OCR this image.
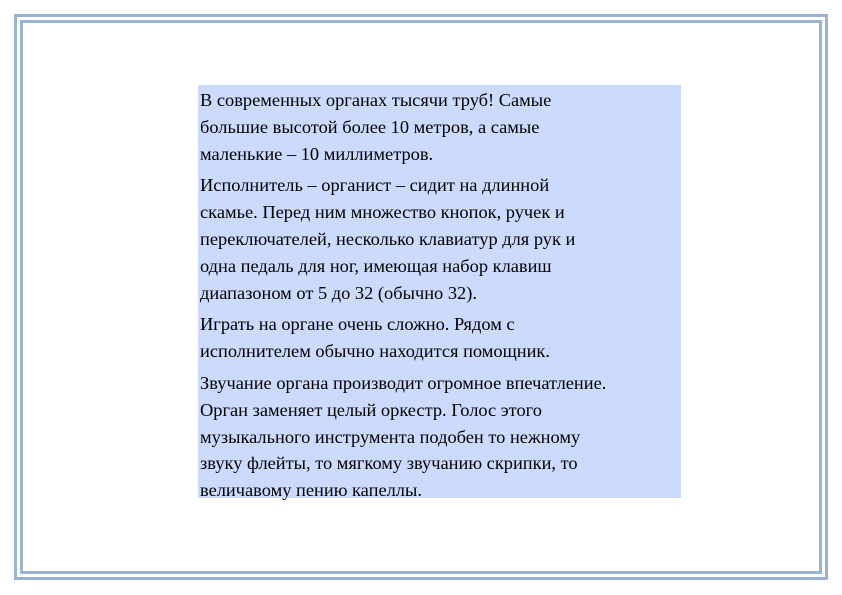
В современных органах тысячи труб! Самые
большие высотой более 10 метров, а самые
маленькие – 10 миллиметров.

Исполнитель – органист – сидит на длинной
скамье. Перед ним множество кнопок, ручек и
переключателей, несколько клавиатур для рук и
одна педаль для ног, имеющая набор клавиш
диапазоном от 5 до 32 (обычно 32).

Играть на органе очень сложно. Рядом с
исполнителем обычно находится помощник.

Звучание органа производит огромное впечатление.
Орган заменяет целый оркестр. Голос этого
музыкального инструмента подобен то нежному
звуку флейты, то мягкому звучанию скрипки, то
величавому пению капеллы.
